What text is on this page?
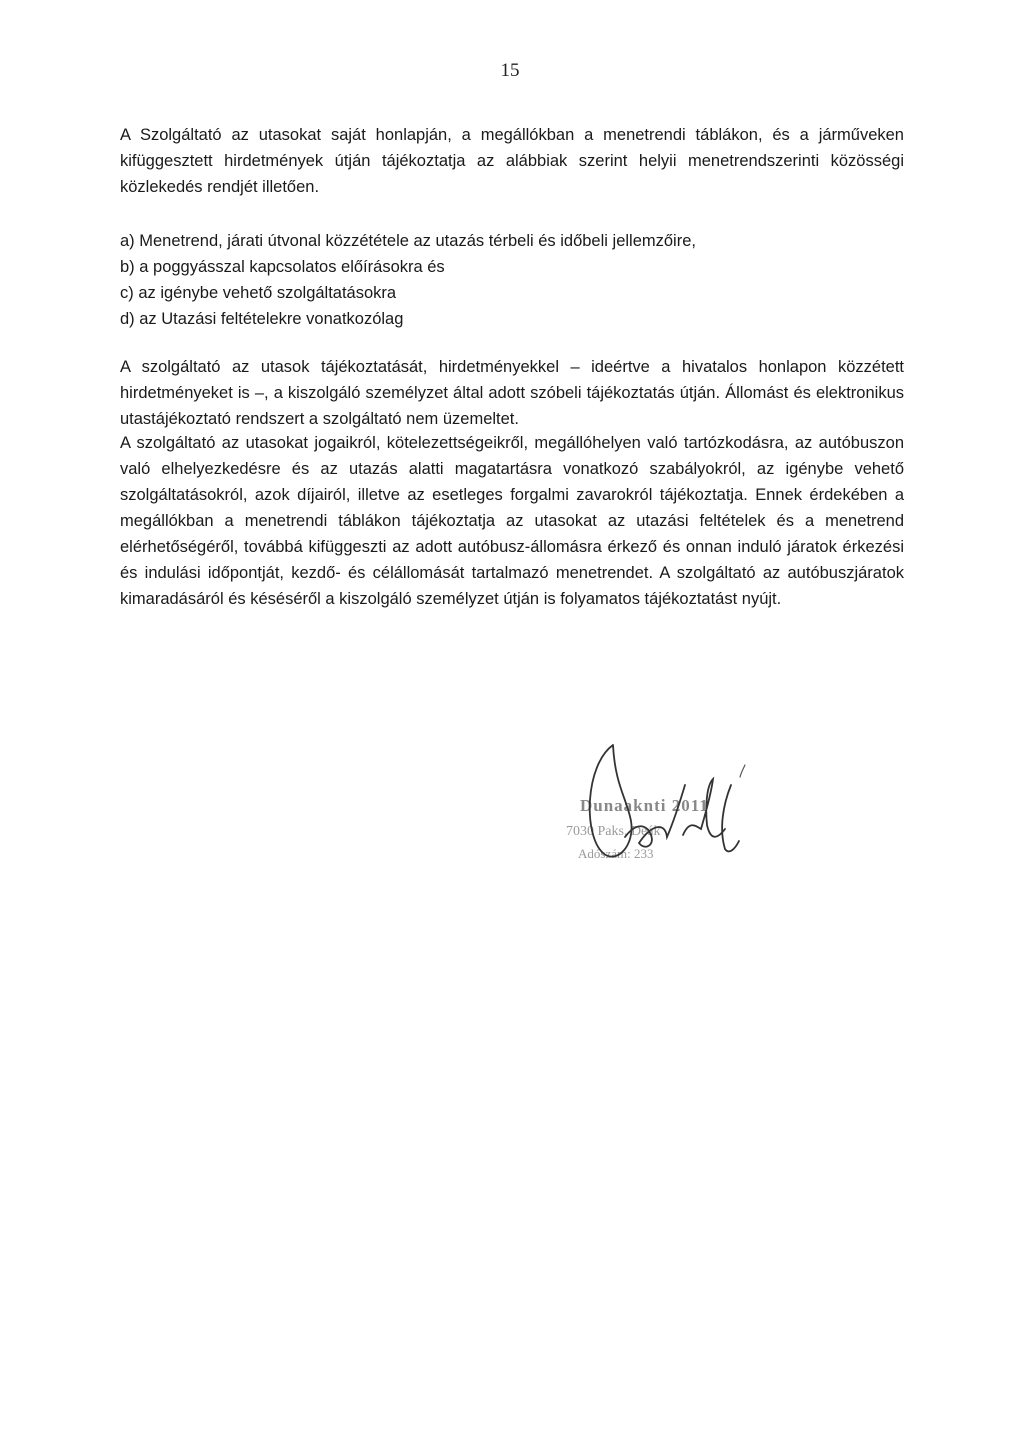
15

A Szolgáltató az utasokat saját honlapján, a megállókban a menetrendi táblákon, és a járműveken kifüggesztett hirdetmények útján tájékoztatja az alábbiak szerint helyii menetrendszerinti közösségi közlekedés rendjét illetően.

a) Menetrend, járati útvonal közzététele az utazás térbeli és időbeli jellemzőire,
b) a poggyásszal kapcsolatos előírásokra és
c) az igénybe vehető szolgáltatásokra
d) az Utazási feltételekre vonatkozólag

A szolgáltató az utasok tájékoztatását, hirdetményekkel – ideértve a hivatalos honlapon közzétett hirdetményeket is –, a kiszolgáló személyzet által adott szóbeli tájékoztatás útján. Állomást és elektronikus utastájékoztató rendszert a szolgáltató nem üzemeltet.

A szolgáltató az utasokat jogaikról, kötelezettségeikről, megállóhelyen való tartózkodásra, az autóbuszon való elhelyezkedésre és az utazás alatti magatartásra vonatkozó szabályokról, az igénybe vehető szolgáltatásokról, azok díjairól, illetve az esetleges forgalmi zavarokról tájékoztatja. Ennek érdekében a megállókban a menetrendi táblákon tájékoztatja az utasokat az utazási feltételek és a menetrend elérhetőségéről, továbbá kifüggeszti az adott autóbusz-állomásra érkező és onnan induló járatok érkezési és indulási időpontját, kezdő- és célállomását tartalmazó menetrendet. A szolgáltató az autóbuszjáratok kimaradásáról és késéséről a kiszolgáló személyzet útján is folyamatos tájékoztatást nyújt.

Dunaaknti 2011
7030 Paks, Deák
Adószám: 233
